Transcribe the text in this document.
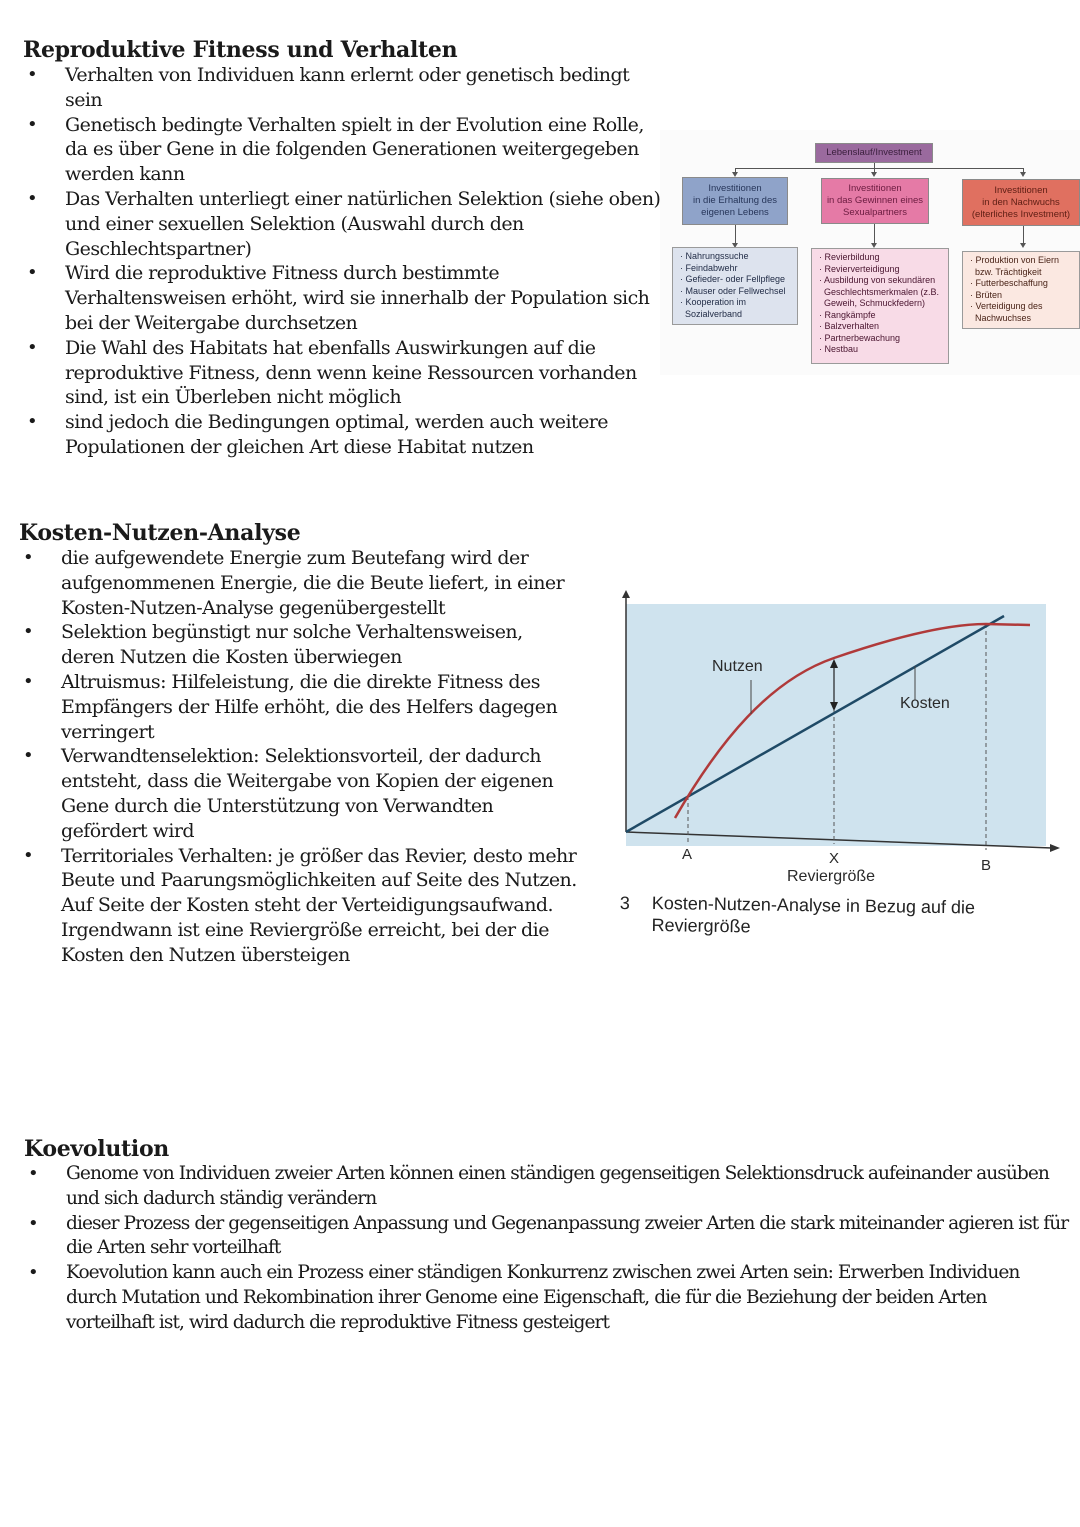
Reproduktive Fitness und Verhalten
• Verhalten von Individuen kann erlernt oder genetisch bedingt sein
• Genetisch bedingte Verhalten spielt in der Evolution eine Rolle, da es über Gene in die folgenden Generationen weitergegeben werden kann
• Das Verhalten unterliegt einer natürlichen Selektion (siehe oben) und einer sexuellen Selektion (Auswahl durch den Geschlechtspartner)
• Wird die reproduktive Fitness durch bestimmte Verhaltensweisen erhöht, wird sie innerhalb der Population sich bei der Weitergabe durchsetzen
• Die Wahl des Habitats hat ebenfalls Auswirkungen auf die reproduktive Fitness, denn wenn keine Ressourcen vorhanden sind, ist ein Überleben nicht möglich
• sind jedoch die Bedingungen optimal, werden auch weitere Populationen der gleichen Art diese Habitat nutzen
Lebenslauf/Investment
Investitionen
in die Erhaltung des
eigenen Lebens
Investitionen
in das Gewinnen eines
Sexualpartners
Investitionen
in den Nachwuchs
(elterliches Investment)
· Nahrungssuche
· Feindabwehr
· Gefieder- oder Fellpflege
· Mauser oder Fellwechsel
· Kooperation im
Sozialverband
· Revierbildung
· Revierverteidigung
· Ausbildung von sekundären
Geschlechtsmerkmalen (z.B.
Geweih, Schmuckfedern)
· Rangkämpfe
· Balzverhalten
· Partnerbewachung
· Nestbau
· Produktion von Eiern
bzw. Trächtigkeit
· Futterbeschaffung
· Brüten
· Verteidigung des
Nachwuchses
Kosten-Nutzen-Analyse
• die aufgewendete Energie zum Beutefang wird der aufgenommenen Energie, die die Beute liefert, in einer Kosten-Nutzen-Analyse gegenübergestellt
• Selektion begünstigt nur solche Verhaltensweisen, deren Nutzen die Kosten überwiegen
• Altruismus: Hilfeleistung, die die direkte Fitness des Empfängers der Hilfe erhöht, die des Helfers dagegen verringert
• Verwandtenselektion: Selektionsvorteil, der dadurch entsteht, dass die Weitergabe von Kopien der eigenen Gene durch die Unterstützung von Verwandten gefördert wird
• Territoriales Verhalten: je größer das Revier, desto mehr Beute und Paarungsmöglichkeiten auf Seite des Nutzen. Auf Seite der Kosten steht der Verteidigungsaufwand. Irgendwann ist eine Reviergröße erreicht, bei der die Kosten den Nutzen übersteigen
Nutzen
Kosten
A	X	B
Reviergröße
3 Kosten-Nutzen-Analyse in Bezug auf die Reviergröße
Koevolution
• Genome von Individuen zweier Arten können einen ständigen gegenseitigen Selektionsdruck aufeinander ausüben und sich dadurch ständig verändern
• dieser Prozess der gegenseitigen Anpassung und Gegenanpassung zweier Arten die stark miteinander agieren ist für die Arten sehr vorteilhaft
• Koevolution kann auch ein Prozess einer ständigen Konkurrenz zwischen zwei Arten sein: Erwerben Individuen durch Mutation und Rekombination ihrer Genome eine Eigenschaft, die für die Beziehung der beiden Arten vorteilhaft ist, wird dadurch die reproduktive Fitness gesteigert
